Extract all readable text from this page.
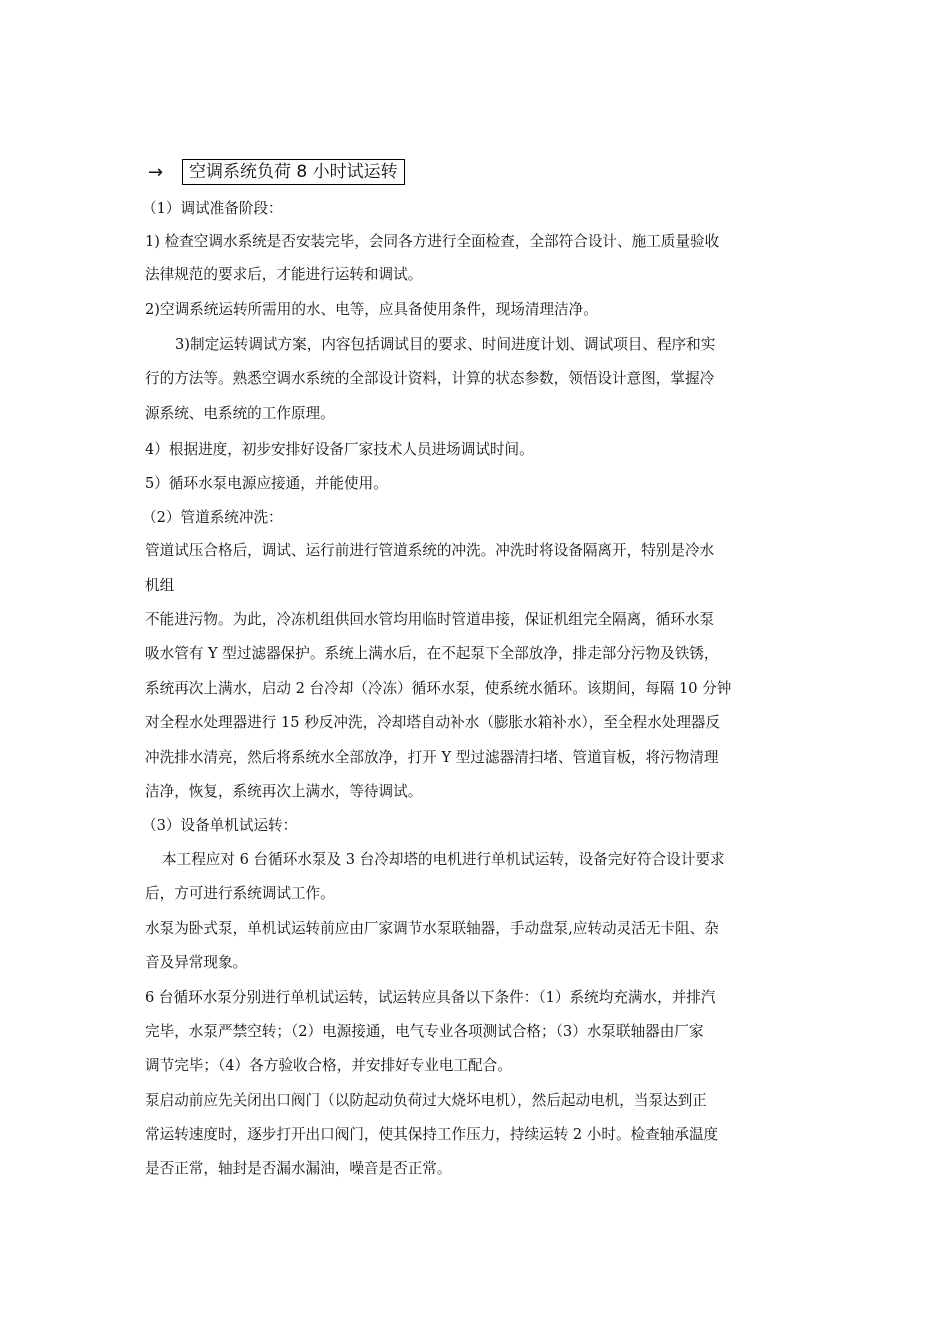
→	空调系统负荷 8 小时试运转
（1）调试准备阶段：
1) 检查空调水系统是否安装完毕，会同各方进行全面检查，全部符合设计、施工质量验收
法律规范的要求后，才能进行运转和调试。
2)空调系统运转所需用的水、电等，应具备使用条件，现场清理洁净。
3)制定运转调试方案，内容包括调试目的要求、时间进度计划、调试项目、程序和实
行的方法等。熟悉空调水系统的全部设计资料，计算的状态参数，领悟设计意图，掌握冷
源系统、电系统的工作原理。
4）根据进度，初步安排好设备厂家技术人员进场调试时间。
5）循环水泵电源应接通，并能使用。
（2）管道系统冲洗：
管道试压合格后，调试、运行前进行管道系统的冲洗。冲洗时将设备隔离开，特别是冷水
机组
不能进污物。为此，冷冻机组供回水管均用临时管道串接，保证机组完全隔离，循环水泵
吸水管有 Y 型过滤器保护。系统上满水后，在不起泵下全部放净，排走部分污物及铁锈，
系统再次上满水，启动 2 台冷却（冷冻）循环水泵，使系统水循环。该期间，每隔 10 分钟
对全程水处理器进行 15 秒反冲洗，冷却塔自动补水（膨胀水箱补水），至全程水处理器反
冲洗排水清亮，然后将系统水全部放净，打开 Y 型过滤器清扫堵、管道盲板，将污物清理
洁净，恢复，系统再次上满水，等待调试。
（3）设备单机试运转：
本工程应对 6 台循环水泵及 3 台冷却塔的电机进行单机试运转，设备完好符合设计要求
后，方可进行系统调试工作。
水泵为卧式泵，单机试运转前应由厂家调节水泵联轴器，手动盘泵,应转动灵活无卡阻、杂
音及异常现象。
6 台循环水泵分别进行单机试运转，试运转应具备以下条件：（1）系统均充满水，并排汽
完毕，水泵严禁空转；（2）电源接通，电气专业各项测试合格；（3）水泵联轴器由厂家
调节完毕；（4）各方验收合格，并安排好专业电工配合。
泵启动前应先关闭出口阀门（以防起动负荷过大烧坏电机），然后起动电机，当泵达到正
常运转速度时，逐步打开出口阀门，使其保持工作压力，持续运转 2 小时。检查轴承温度
是否正常，轴封是否漏水漏油，噪音是否正常。
